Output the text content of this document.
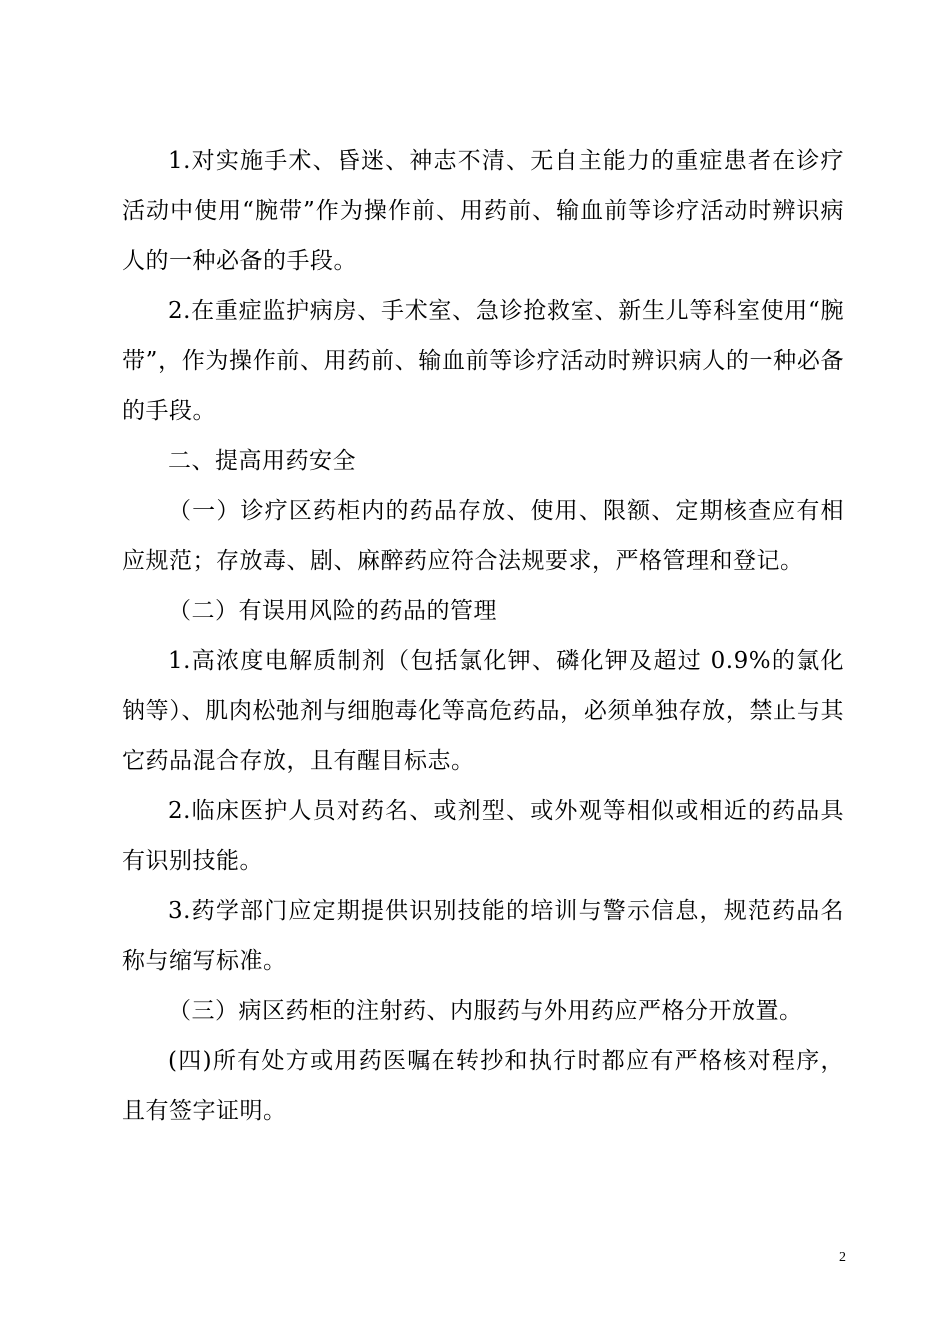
1.对实施手术、昏迷、神志不清、无自主能力的重症患者在诊疗活动中使用“腕带”作为操作前、用药前、输血前等诊疗活动时辨识病人的一种必备的手段。

2.在重症监护病房、手术室、急诊抢救室、新生儿等科室使用“腕带”，作为操作前、用药前、输血前等诊疗活动时辨识病人的一种必备的手段。

二、提高用药安全

（一）诊疗区药柜内的药品存放、使用、限额、定期核查应有相应规范；存放毒、剧、麻醉药应符合法规要求，严格管理和登记。

（二）有误用风险的药品的管理

1.高浓度电解质制剂（包括氯化钾、磷化钾及超过 0.9%的氯化钠等）、肌肉松弛剂与细胞毒化等高危药品，必须单独存放，禁止与其它药品混合存放，且有醒目标志。

2.临床医护人员对药名、或剂型、或外观等相似或相近的药品具有识别技能。

3.药学部门应定期提供识别技能的培训与警示信息，规范药品名称与缩写标准。

（三）病区药柜的注射药、内服药与外用药应严格分开放置。

(四)所有处方或用药医嘱在转抄和执行时都应有严格核对程序，且有签字证明。

2
